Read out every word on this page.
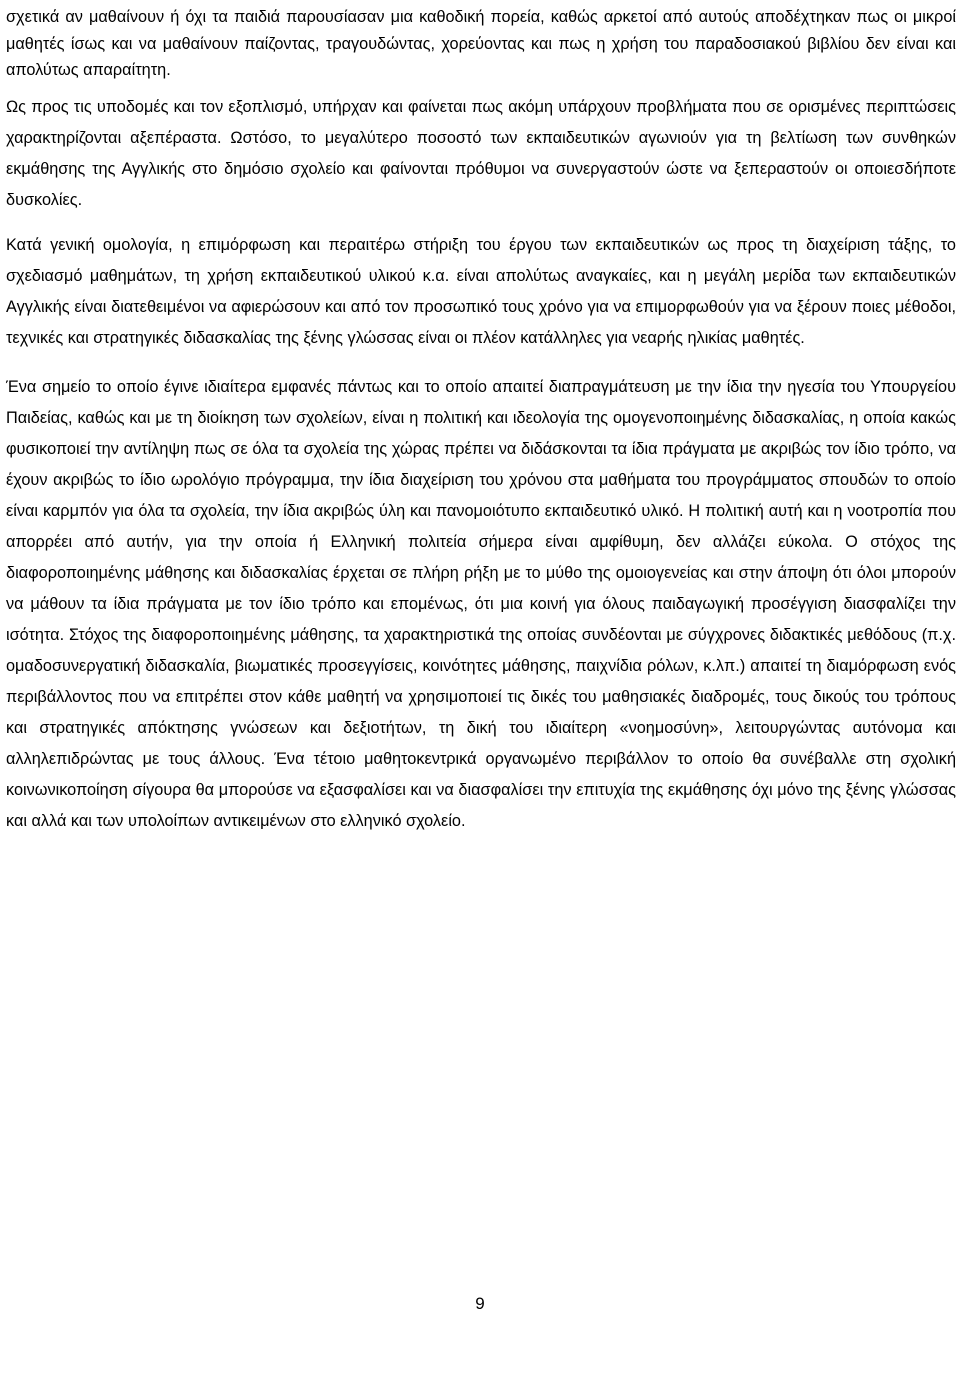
σχετικά αν μαθαίνουν ή όχι τα παιδιά παρουσίασαν μια καθοδική πορεία, καθώς αρκετοί από αυτούς αποδέχτηκαν πως οι μικροί μαθητές ίσως και να μαθαίνουν παίζοντας, τραγουδώντας, χορεύοντας και πως η χρήση του παραδοσιακού βιβλίου δεν είναι και απολύτως απαραίτητη.

Ως προς τις υποδομές και τον εξοπλισμό, υπήρχαν και φαίνεται πως ακόμη υπάρχουν προβλήματα που σε ορισμένες περιπτώσεις χαρακτηρίζονται αξεπέραστα. Ωστόσο, το μεγαλύτερο ποσοστό των εκπαιδευτικών αγωνιούν για τη βελτίωση των συνθηκών εκμάθησης της Αγγλικής στο δημόσιο σχολείο και φαίνονται πρόθυμοι να συνεργαστούν ώστε να ξεπεραστούν οι οποιεσδήποτε δυσκολίες.

Κατά γενική ομολογία, η επιμόρφωση και περαιτέρω στήριξη του έργου των εκπαιδευτικών ως προς τη διαχείριση τάξης, το σχεδιασμό μαθημάτων, τη χρήση εκπαιδευτικού υλικού κ.α. είναι απολύτως αναγκαίες, και η μεγάλη μερίδα των εκπαιδευτικών Αγγλικής είναι διατεθειμένοι να αφιερώσουν και από τον προσωπικό τους χρόνο για να επιμορφωθούν για να ξέρουν ποιες μέθοδοι, τεχνικές και στρατηγικές διδασκαλίας της ξένης γλώσσας είναι οι πλέον κατάλληλες για νεαρής ηλικίας μαθητές.

Ένα σημείο το οποίο έγινε ιδιαίτερα εμφανές πάντως και το οποίο απαιτεί διαπραγμάτευση με την ίδια την ηγεσία του Υπουργείου Παιδείας, καθώς και με τη διοίκηση των σχολείων, είναι η πολιτική και ιδεολογία της ομογενοποιημένης διδασκαλίας, η οποία κακώς φυσικοποιεί την αντίληψη πως σε όλα τα σχολεία της χώρας πρέπει να διδάσκονται τα ίδια πράγματα με ακριβώς τον ίδιο τρόπο, να έχουν ακριβώς το ίδιο ωρολόγιο πρόγραμμα, την ίδια διαχείριση του χρόνου στα μαθήματα του προγράμματος σπουδών το οποίο είναι καρμπόν για όλα τα σχολεία, την ίδια ακριβώς ύλη και πανομοιότυπο εκπαιδευτικό υλικό. Η πολιτική αυτή και η νοοτροπία που απορρέει από αυτήν, για την οποία ή Ελληνική πολιτεία σήμερα είναι αμφίθυμη, δεν αλλάζει εύκολα. Ο στόχος της διαφοροποιημένης μάθησης και διδασκαλίας έρχεται σε πλήρη ρήξη με το μύθο της ομοιογενείας και στην άποψη ότι όλοι μπορούν να μάθουν τα ίδια πράγματα με τον ίδιο τρόπο και επομένως, ότι μια κοινή για όλους παιδαγωγική προσέγγιση διασφαλίζει την ισότητα. Στόχος της διαφοροποιημένης μάθησης, τα χαρακτηριστικά της οποίας συνδέονται με σύγχρονες διδακτικές μεθόδους (π.χ. ομαδοσυνεργατική διδασκαλία, βιωματικές προσεγγίσεις, κοινότητες μάθησης, παιχνίδια ρόλων, κ.λπ.) απαιτεί τη διαμόρφωση ενός περιβάλλοντος που να επιτρέπει στον κάθε μαθητή να χρησιμοποιεί τις δικές του μαθησιακές διαδρομές, τους δικούς του τρόπους και στρατηγικές απόκτησης γνώσεων και δεξιοτήτων, τη δική του ιδιαίτερη «νοημοσύνη», λειτουργώντας αυτόνομα και αλληλεπιδρώντας με τους άλλους. Ένα τέτοιο μαθητοκεντρικά οργανωμένο περιβάλλον το οποίο θα συνέβαλλε στη σχολική κοινωνικοποίηση σίγουρα θα μπορούσε να εξασφαλίσει και να διασφαλίσει την επιτυχία της εκμάθησης όχι μόνο της ξένης γλώσσας και αλλά και των υπολοίπων αντικειμένων στο ελληνικό σχολείο.

9
